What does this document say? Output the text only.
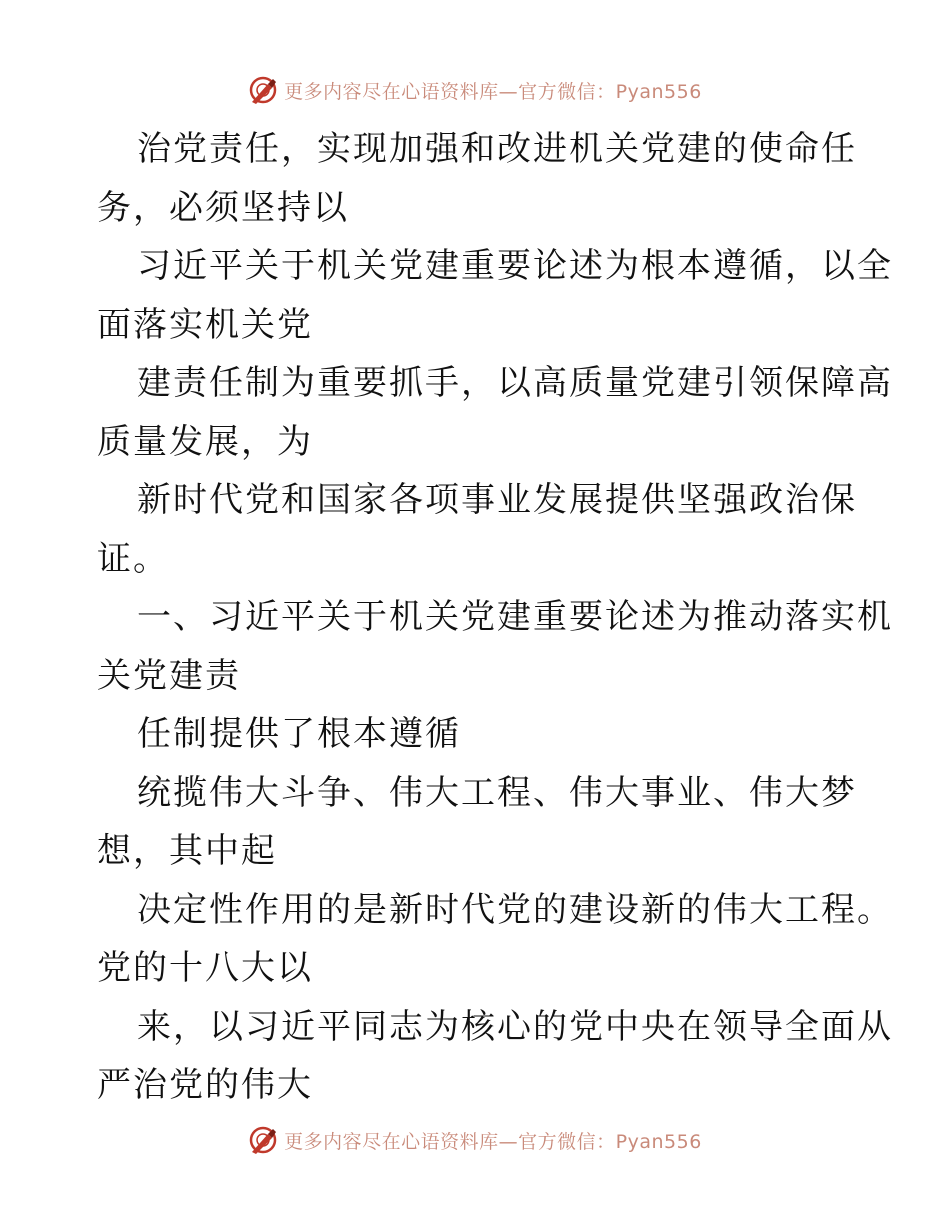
更多内容尽在心语资料库—官方微信：Pyan556
治党责任，实现加强和改进机关党建的使命任
务，必须坚持以
习近平关于机关党建重要论述为根本遵循，以全
面落实机关党
建责任制为重要抓手，以高质量党建引领保障高
质量发展，为
新时代党和国家各项事业发展提供坚强政治保
证。
一、习近平关于机关党建重要论述为推动落实机
关党建责
任制提供了根本遵循
统揽伟大斗争、伟大工程、伟大事业、伟大梦
想，其中起
决定性作用的是新时代党的建设新的伟大工程。
党的十八大以
来，以习近平同志为核心的党中央在领导全面从
严治党的伟大
更多内容尽在心语资料库—官方微信：Pyan556
